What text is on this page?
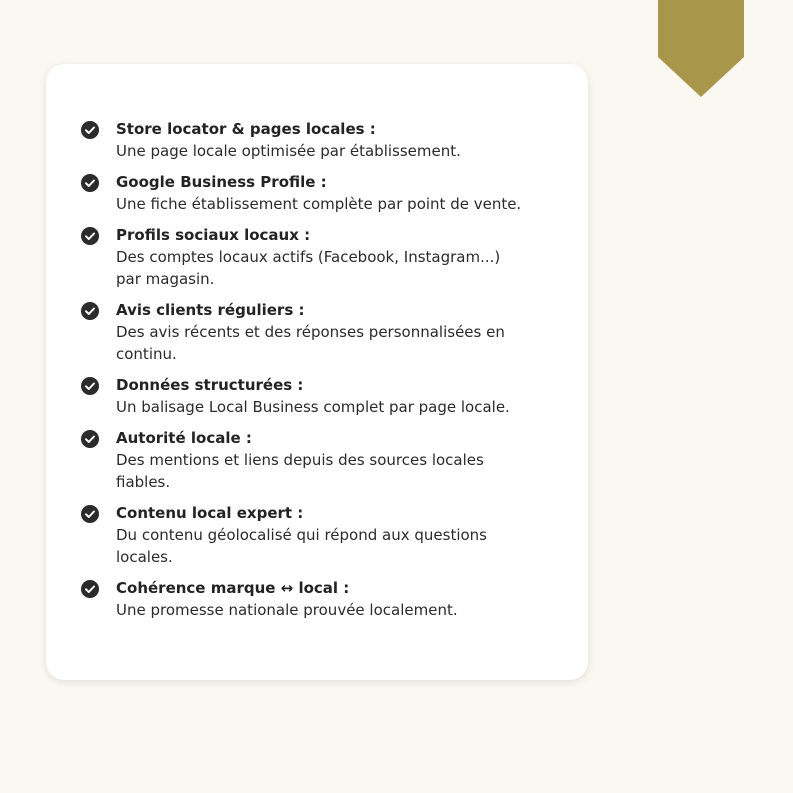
Store locator & pages locales :
Une page locale optimisée par établissement.
Google Business Profile :
Une fiche établissement complète par point de vente.
Profils sociaux locaux :
Des comptes locaux actifs (Facebook, Instagram...) par magasin.
Avis clients réguliers :
Des avis récents et des réponses personnalisées en continu.
Données structurées :
Un balisage Local Business complet par page locale.
Autorité locale :
Des mentions et liens depuis des sources locales fiables.
Contenu local expert :
Du contenu géolocalisé qui répond aux questions locales.
Cohérence marque ↔ local :
Une promesse nationale prouvée localement.
